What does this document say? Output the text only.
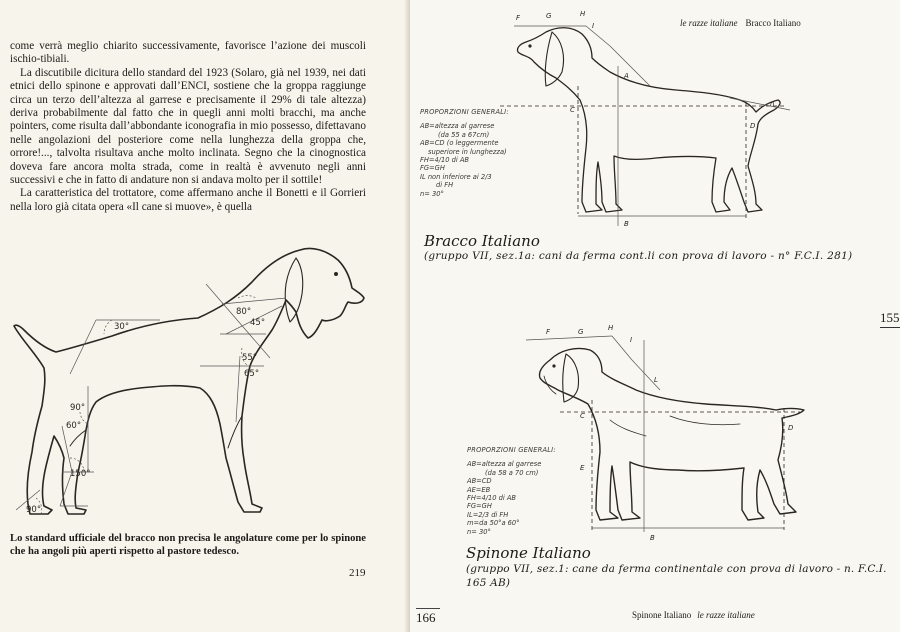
come verrà meglio chiarito successivamente, favorisce l’azione dei muscoli ischio-tibiali.

La discutibile dicitura dello standard del 1923 (Solaro, già nel 1939, nei dati etnici dello spinone e approvati dall’ENCI, sostiene che la groppa raggiunge circa un terzo dell’altezza al garrese e precisamente il 29% di tale altezza) deriva probabilmente dal fatto che in quegli anni molti bracchi, ma anche pointers, come risulta dall’abbondante iconografia in mio possesso, difettavano nelle angolazioni del posteriore come nella lunghezza della groppa che, orrore!..., talvolta risultava anche molto inclinata. Segno che la cinognostica doveva fare ancora molta strada, come in realtà è avvenuto negli anni successivi e che in fatto di andature non si andava molto per il sottile!

La caratteristica del trottatore, come affermano anche il Bonetti e il Gorrieri nella loro già citata opera «Il cane si muove», è quella

30°
80°
45°
55°
65°
90°
60°
150°
90°
Lo standard ufficiale del bracco non precisa le angolature come per lo spinone che ha angoli più aperti rispetto al pastore tedesco.
219
le razze italiane Bracco Italiano
F	G	H
I
A
C
D
B
n
PROPORZIONI GENERALI:
AB=altezza al garrese
(da 55 a 67cm)
AB=CD (o leggermente
superiore in lunghezza)
FH=4/10 di AB
FG=GH
IL non inferiore ai 2/3
di FH
n= 30°
Bracco Italiano
(gruppo VII, sez.1a: cani da ferma cont.li con prova di lavoro - n° F.C.I. 281)
155
F	G	H
I
L
E
C
D
B
PROPORZIONI GENERALI:
AB=altezza al garrese
(da 58 a 70 cm)
AB=CD
AE=EB
FH=4/10 di AB
FG=GH
IL=2/3 di FH
m=da 50°a 60°
n= 30°
Spinone Italiano
(gruppo VII, sez.1: cane da ferma continentale con prova di lavoro - n. F.C.I. 165 AB)
166	Spinone Italiano le razze italiane
